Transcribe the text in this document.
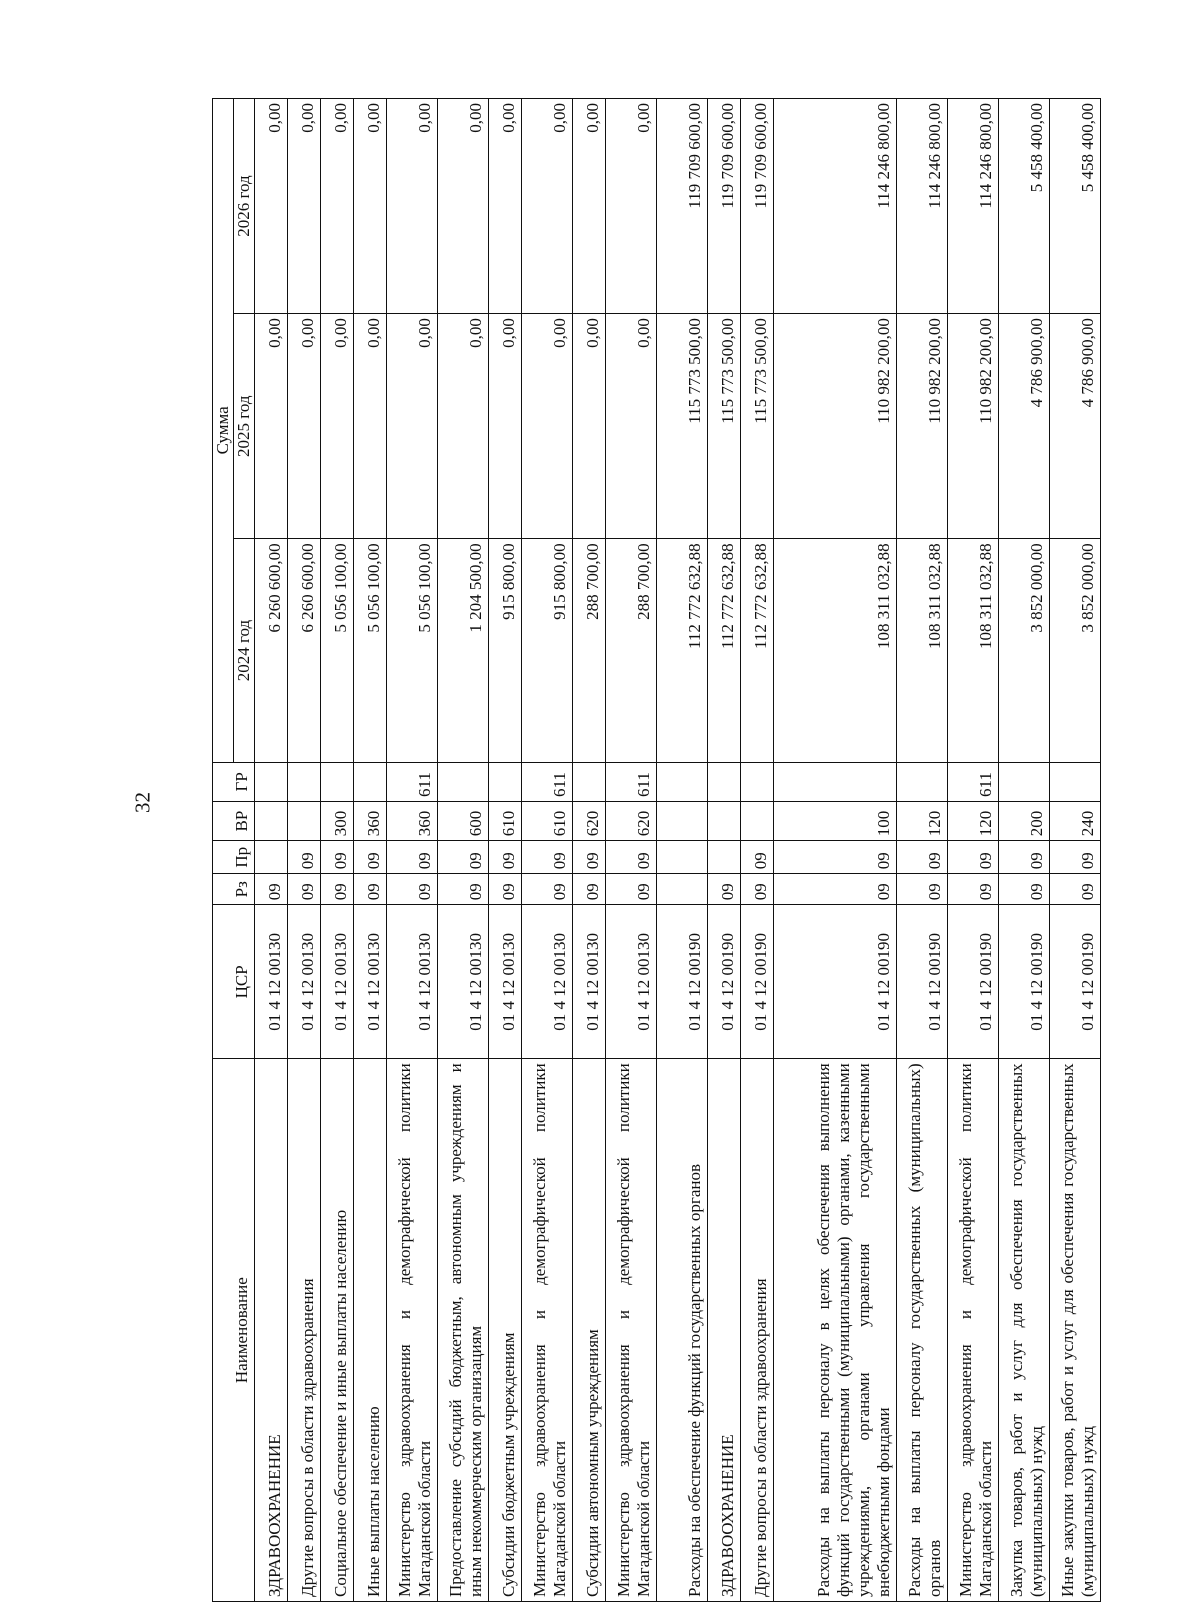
32
Наименование	ЦСР	Рз	Пр	ВР	ГР	Сумма		
						2024 год	2025 год	2026 год
ЗДРАВООХРАНЕНИЕ	01 4 12 00130	09				6 260 600,00	0,00	0,00
Другие вопросы в области здравоохранения	01 4 12 00130	09	09			6 260 600,00	0,00	0,00
Социальное обеспечение и иные выплаты населению	01 4 12 00130	09	09	300		5 056 100,00	0,00	0,00
Иные выплаты населению	01 4 12 00130	09	09	360		5 056 100,00	0,00	0,00
Министерство здравоохранения и демографической политики Магаданской области	01 4 12 00130	09	09	360	611	5 056 100,00	0,00	0,00
Предоставление субсидий бюджетным, автономным учреждениям и иным некоммерческим организациям	01 4 12 00130	09	09	600		1 204 500,00	0,00	0,00
Субсидии бюджетным учреждениям	01 4 12 00130	09	09	610		915 800,00	0,00	0,00
Министерство здравоохранения и демографической политики Магаданской области	01 4 12 00130	09	09	610	611	915 800,00	0,00	0,00
Субсидии автономным учреждениям	01 4 12 00130	09	09	620		288 700,00	0,00	0,00
Министерство здравоохранения и демографической политики Магаданской области	01 4 12 00130	09	09	620	611	288 700,00	0,00	0,00
Расходы на обеспечение функций государственных органов	01 4 12 00190					112 772 632,88	115 773 500,00	119 709 600,00
ЗДРАВООХРАНЕНИЕ	01 4 12 00190	09				112 772 632,88	115 773 500,00	119 709 600,00
Другие вопросы в области здравоохранения	01 4 12 00190	09	09			112 772 632,88	115 773 500,00	119 709 600,00
Расходы на выплаты персоналу в целях обеспечения выполнения функций государственными (муниципальными) органами, казенными учреждениями, органами управления государственными внебюджетными фондами	01 4 12 00190	09	09	100		108 311 032,88	110 982 200,00	114 246 800,00
Расходы на выплаты персоналу государственных (муниципальных) органов	01 4 12 00190	09	09	120		108 311 032,88	110 982 200,00	114 246 800,00
Министерство здравоохранения и демографической политики Магаданской области	01 4 12 00190	09	09	120	611	108 311 032,88	110 982 200,00	114 246 800,00
Закупка товаров, работ и услуг для обеспечения государственных (муниципальных) нужд	01 4 12 00190	09	09	200		3 852 000,00	4 786 900,00	5 458 400,00
Иные закупки товаров, работ и услуг для обеспечения государственных (муниципальных) нужд	01 4 12 00190	09	09	240		3 852 000,00	4 786 900,00	5 458 400,00
